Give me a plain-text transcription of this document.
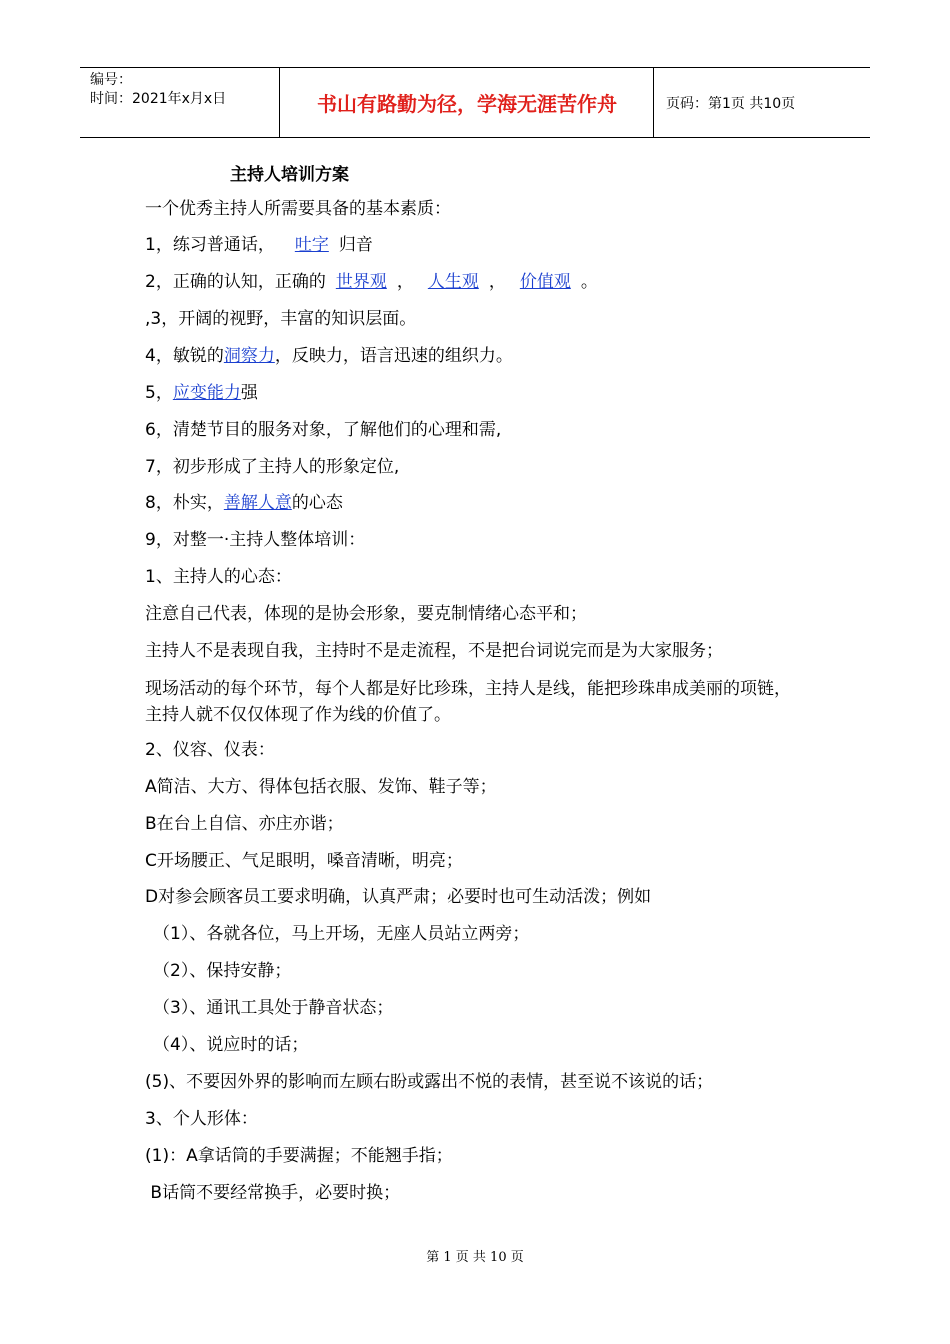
编号：
时间：2021年x月x日	书山有路勤为径，学海无涯苦作舟	页码：第1页 共10页
主持人培训方案
一个优秀主持人所需要具备的基本素质：
1，练习普通话， 吐字 归音
2，正确的认知，正确的 世界观 ， 人生观 ， 价值观 。
,3，开阔的视野，丰富的知识层面。
4，敏锐的洞察力，反映力，语言迅速的组织力。
5，应变能力强
6，清楚节目的服务对象，了解他们的心理和需,
7，初步形成了主持人的形象定位,
8，朴实，善解人意的心态
9，对整一·主持人整体培训：
1、主持人的心态：
注意自己代表，体现的是协会形象，要克制情绪心态平和；
主持人不是表现自我，主持时不是走流程，不是把台词说完而是为大家服务；
现场活动的每个环节，每个人都是好比珍珠，主持人是线，能把珍珠串成美丽的项链，主持人就不仅仅体现了作为线的价值了。
2、仪容、仪表：
A简洁、大方、得体包括衣服、发饰、鞋子等；
B在台上自信、亦庄亦谐；
C开场腰正、气足眼明，嗓音清晰，明亮；
D对参会顾客员工要求明确，认真严肃；必要时也可生动活泼；例如
（1）、各就各位，马上开场，无座人员站立两旁；
（2）、保持安静；
（3）、通讯工具处于静音状态；
（4）、说应时的话；
(5)、不要因外界的影响而左顾右盼或露出不悦的表情，甚至说不该说的话；
3、个人形体：
(1)：A拿话筒的手要满握；不能翘手指；
B话筒不要经常换手，必要时换；
第 1 页 共 10 页
